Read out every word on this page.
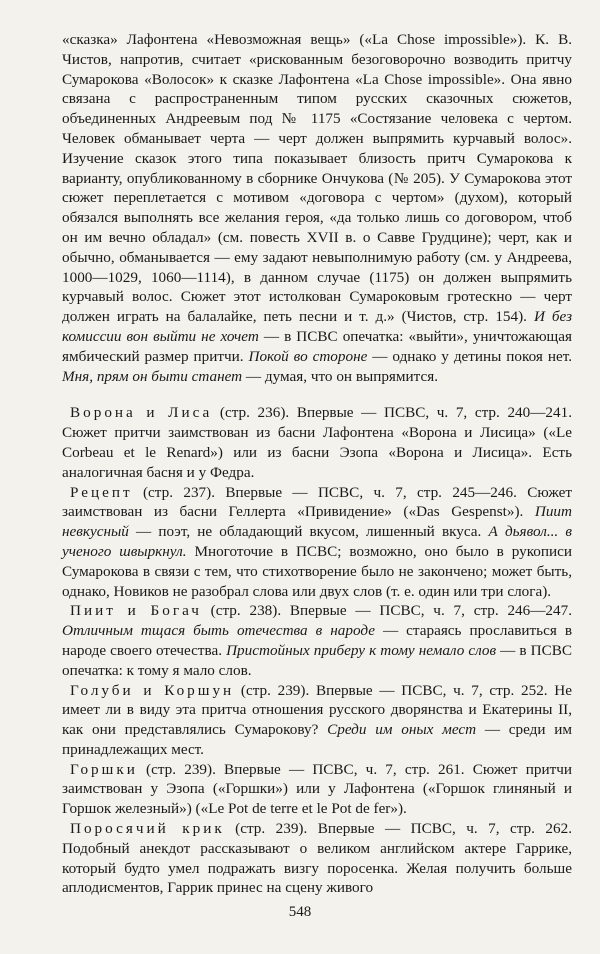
«сказка» Лафонтена «Невозможная вещь» («La Chose impossible»). К. В. Чистов, напротив, считает «рискованным безоговорочно возводить притчу Сумарокова «Волосок» к сказке Лафонтена «La Chose impossible». Она явно связана с распространенным типом русских сказочных сюжетов, объединенных Андреевым под № 1175 «Состязание человека с чертом. Человек обманывает черта — черт должен выпрямить курчавый волос». Изучение сказок этого типа показывает близость притч Сумарокова к варианту, опубликованному в сборнике Ончукова (№ 205). У Сумарокова этот сюжет переплетается с мотивом «договора с чертом» (духом), который обязался выполнять все желания героя, «да только лишь со договором, чтоб он им вечно обладал» (см. повесть XVII в. о Савве Грудцине); черт, как и обычно, обманывается — ему задают невыполнимую работу (см. у Андреева, 1000—1029, 1060—1114), в данном случае (1175) он должен выпрямить курчавый волос. Сюжет этот истолкован Сумароковым гротескно — черт должен играть на балалайке, петь песни и т. д.» (Чистов, стр. 154). И без комиссии вон выйти не хочет — в ПСВС опечатка: «выйти», уничтожающая ямбический размер притчи. Покой во стороне — однако у детины покоя нет. Мня, прям он быти станет — думая, что он выпрямится.

Ворона и Лиса (стр. 236). Впервые — ПСВС, ч. 7, стр. 240—241. Сюжет притчи заимствован из басни Лафонтена «Ворона и Лисица» («Le Corbeau et le Renard») или из басни Эзопа «Ворона и Лисица». Есть аналогичная басня и у Федра.

Рецепт (стр. 237). Впервые — ПСВС, ч. 7, стр. 245—246. Сюжет заимствован из басни Геллерта «Привидение» («Das Gespenst»). Пиит невкусный — поэт, не обладающий вкусом, лишенный вкуса. А дьявол... в ученого швыркнул. Многоточие в ПСВС; возможно, оно было в рукописи Сумарокова в связи с тем, что стихотворение было не закончено; может быть, однако, Новиков не разобрал слова или двух слов (т. е. один или три слога).

Пиит и Богач (стр. 238). Впервые — ПСВС, ч. 7, стр. 246—247. Отличным тщася быть отечества в народе — стараясь прославиться в народе своего отечества. Пристойных приберу к тому немало слов — в ПСВС опечатка: к тому я мало слов.

Голуби и Коршун (стр. 239). Впервые — ПСВС, ч. 7, стр. 252. Не имеет ли в виду эта притча отношения русского дворянства и Екатерины II, как они представлялись Сумарокову? Среди им оных мест — среди им принадлежащих мест.

Горшки (стр. 239). Впервые — ПСВС, ч. 7, стр. 261. Сюжет притчи заимствован у Эзопа («Горшки») или у Лафонтена («Горшок глиняный и Горшок железный») («Le Pot de terre et le Pot de fer»).

Поросячий крик (стр. 239). Впервые — ПСВС, ч. 7, стр. 262. Подобный анекдот рассказывают о великом английском актере Гаррике, который будто умел подражать визгу поросенка. Желая получить больше аплодисментов, Гаррик принес на сцену живого

548
